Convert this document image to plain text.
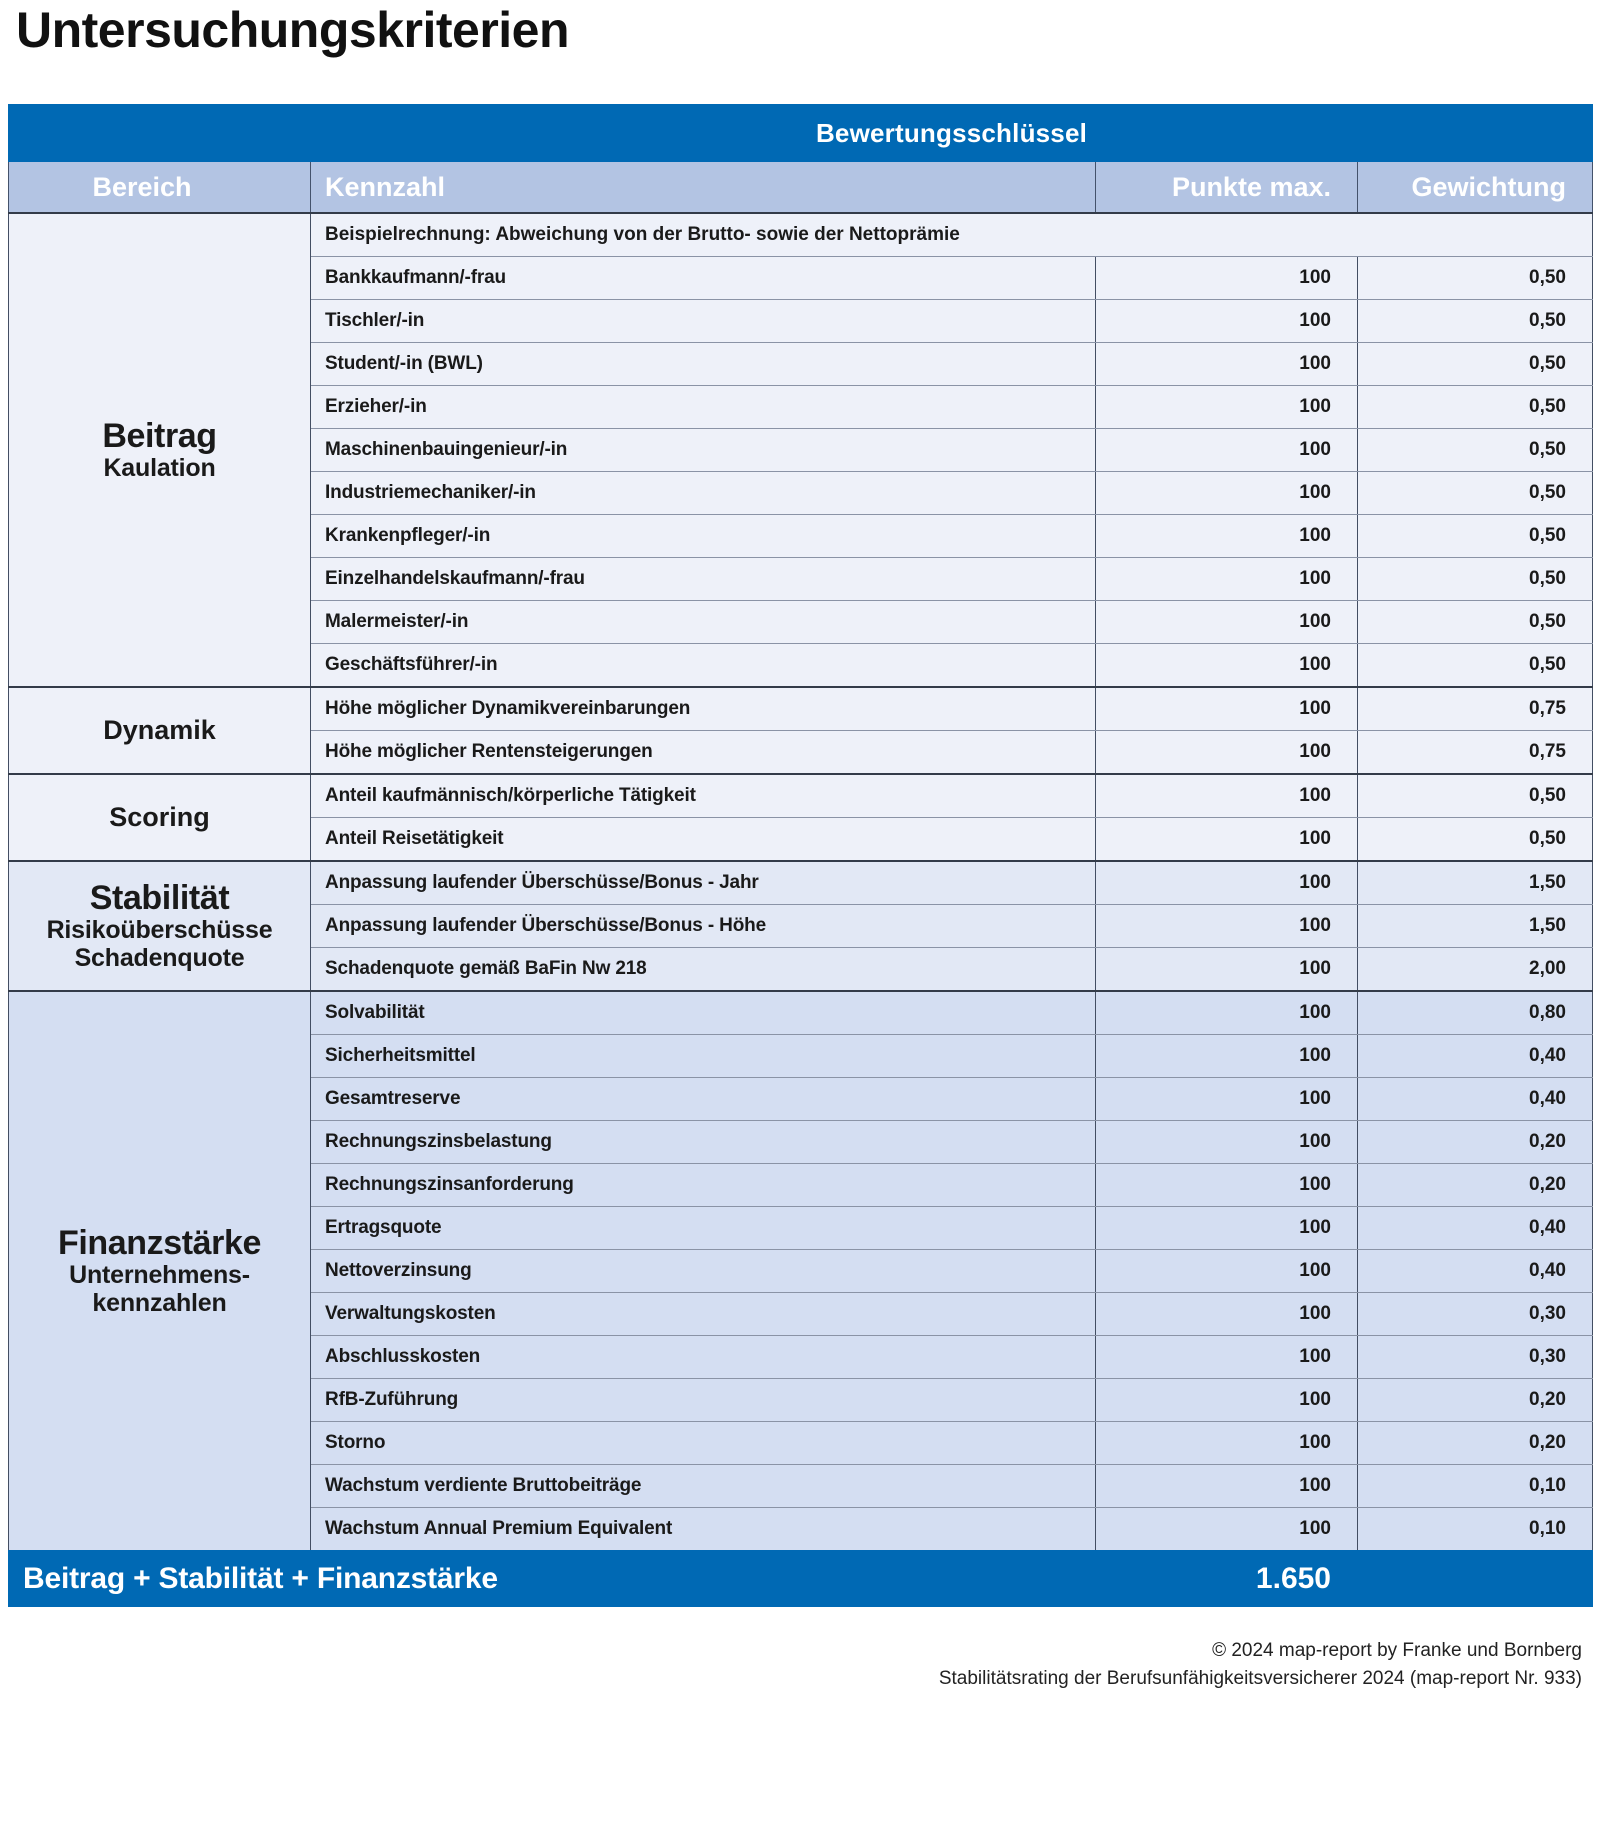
Untersuchungskriterien
	Bewertungsschlüssel		
Bereich	Kennzahl	Punkte max.	Gewichtung

Beitrag
Kaulation	Beispielrechnung: Abweichung von der Brutto- sowie der Nettoprämie		
	Bankkaufmann/-frau	100	0,50
	Tischler/-in	100	0,50
	Student/-in (BWL)	100	0,50
	Erzieher/-in	100	0,50
	Maschinenbauingenieur/-in	100	0,50
	Industriemechaniker/-in	100	0,50
	Krankenpfleger/-in	100	0,50
	Einzelhandelskaufmann/-frau	100	0,50
	Malermeister/-in	100	0,50
	Geschäftsführer/-in	100	0,50

Dynamik	Höhe möglicher Dynamikvereinbarungen	100	0,75
	Höhe möglicher Rentensteigerungen	100	0,75

Scoring	Anteil kaufmännisch/körperliche Tätigkeit	100	0,50
	Anteil Reisetätigkeit	100	0,50

Stabilität
Risikoüberschüsse
Schadenquote	Anpassung laufender Überschüsse/Bonus - Jahr	100	1,50
	Anpassung laufender Überschüsse/Bonus - Höhe	100	1,50
	Schadenquote gemäß BaFin Nw 218	100	2,00

Finanzstärke
Unternehmens-
kennzahlen	Solvabilität	100	0,80
	Sicherheitsmittel	100	0,40
	Gesamtreserve	100	0,40
	Rechnungszinsbelastung	100	0,20
	Rechnungszinsanforderung	100	0,20
	Ertragsquote	100	0,40
	Nettoverzinsung	100	0,40
	Verwaltungskosten	100	0,30
	Abschlusskosten	100	0,30
	RfB-Zuführung	100	0,20
	Storno	100	0,20
	Wachstum verdiente Bruttobeiträge	100	0,10
	Wachstum Annual Premium Equivalent	100	0,10
Beitrag + Stabilität + Finanzstärke		1.650	
© 2024 map-report by Franke und Bornberg
Stabilitätsrating der Berufsunfähigkeitsversicherer 2024 (map-report Nr. 933)
